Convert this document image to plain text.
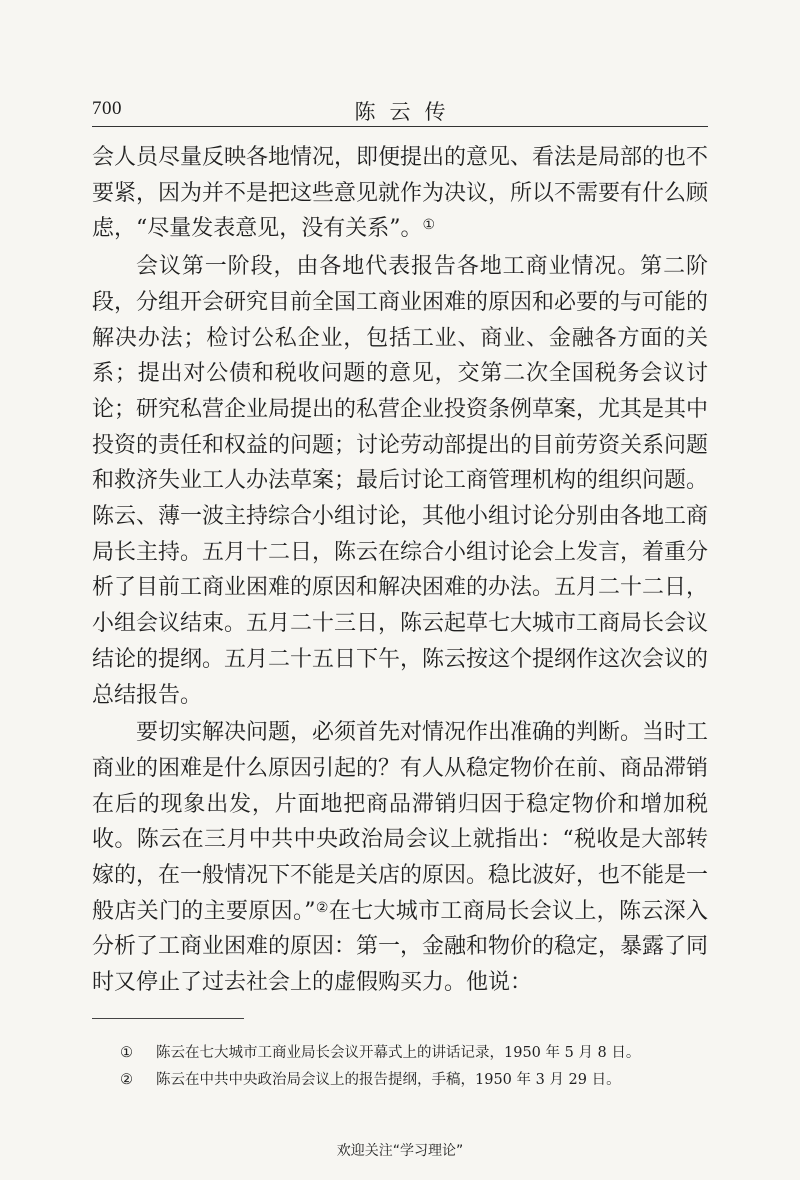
700	陈云传

会人员尽量反映各地情况，即便提出的意见、看法是局部的也不要紧，因为并不是把这些意见就作为决议，所以不需要有什么顾虑，“尽量发表意见，没有关系”。①

会议第一阶段，由各地代表报告各地工商业情况。第二阶段，分组开会研究目前全国工商业困难的原因和必要的与可能的解决办法；检讨公私企业，包括工业、商业、金融各方面的关系；提出对公债和税收问题的意见，交第二次全国税务会议讨论；研究私营企业局提出的私营企业投资条例草案，尤其是其中投资的责任和权益的问题；讨论劳动部提出的目前劳资关系问题和救济失业工人办法草案；最后讨论工商管理机构的组织问题。陈云、薄一波主持综合小组讨论，其他小组讨论分别由各地工商局长主持。五月十二日，陈云在综合小组讨论会上发言，着重分析了目前工商业困难的原因和解决困难的办法。五月二十二日，小组会议结束。五月二十三日，陈云起草七大城市工商局长会议结论的提纲。五月二十五日下午，陈云按这个提纲作这次会议的总结报告。

要切实解决问题，必须首先对情况作出准确的判断。当时工商业的困难是什么原因引起的？有人从稳定物价在前、商品滞销在后的现象出发，片面地把商品滞销归因于稳定物价和增加税收。陈云在三月中共中央政治局会议上就指出：“税收是大部转嫁的，在一般情况下不能是关店的原因。稳比波好，也不能是一般店关门的主要原因。”②在七大城市工商局长会议上，陈云深入分析了工商业困难的原因：第一，金融和物价的稳定，暴露了同时又停止了过去社会上的虚假购买力。他说：

①	陈云在七大城市工商业局长会议开幕式上的讲话记录，1950 年 5 月 8 日。
②	陈云在中共中央政治局会议上的报告提纲，手稿，1950 年 3 月 29 日。
欢迎关注“学习理论”
